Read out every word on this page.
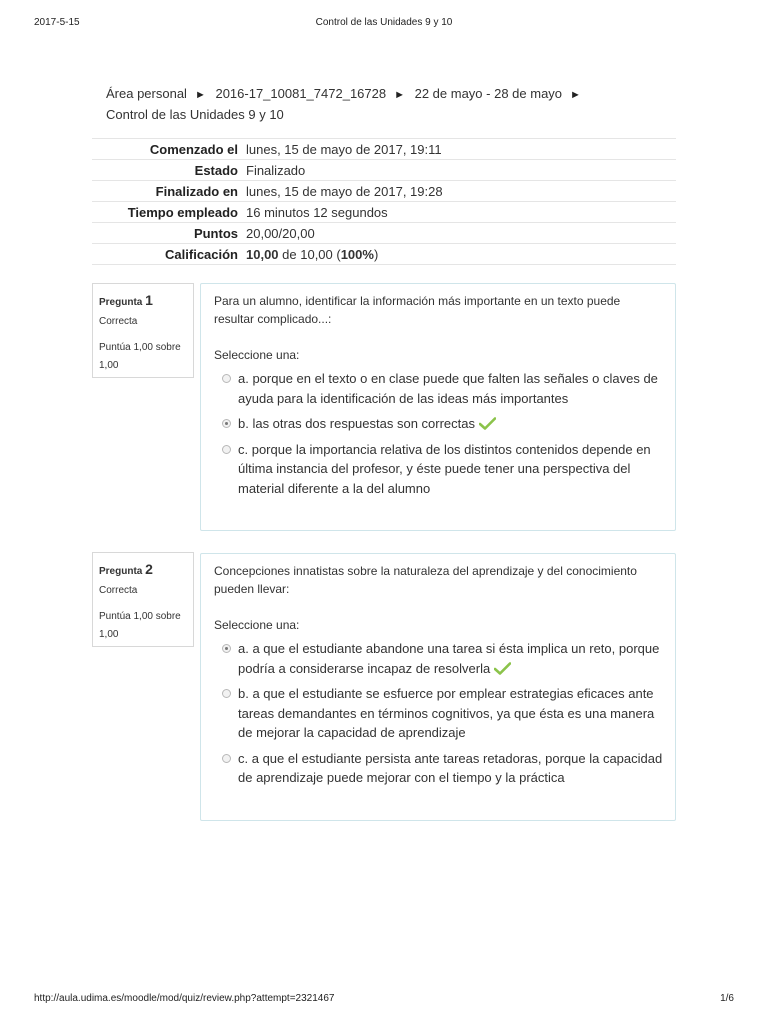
2017-5-15	Control de las Unidades 9 y 10
Área personal ► 2016-17_10081_7472_16728 ► 22 de mayo - 28 de mayo ►
Control de las Unidades 9 y 10
Comenzado el	lunes, 15 de mayo de 2017, 19:11
Estado	Finalizado
Finalizado en	lunes, 15 de mayo de 2017, 19:28
Tiempo empleado	16 minutos 12 segundos
Puntos	20,00/20,00
Calificación	10,00 de 10,00 (100%)
Pregunta 1
Correcta
Puntúa 1,00 sobre 1,00
Para un alumno, identificar la información más importante en un texto puede resultar complicado...:
Seleccione una:
a. porque en el texto o en clase puede que falten las señales o claves de ayuda para la identificación de las ideas más importantes
b. las otras dos respuestas son correctas
c. porque la importancia relativa de los distintos contenidos depende en última instancia del profesor, y éste puede tener una perspectiva del material diferente a la del alumno
Pregunta 2
Correcta
Puntúa 1,00 sobre 1,00
Concepciones innatistas sobre la naturaleza del aprendizaje y del conocimiento pueden llevar:
Seleccione una:
a. a que el estudiante abandone una tarea si ésta implica un reto, porque podría a considerarse incapaz de resolverla
b. a que el estudiante se esfuerce por emplear estrategias eficaces ante tareas demandantes en términos cognitivos, ya que ésta es una manera de mejorar la capacidad de aprendizaje
c. a que el estudiante persista ante tareas retadoras, porque la capacidad de aprendizaje puede mejorar con el tiempo y la práctica
http://aula.udima.es/moodle/mod/quiz/review.php?attempt=2321467	1/6
